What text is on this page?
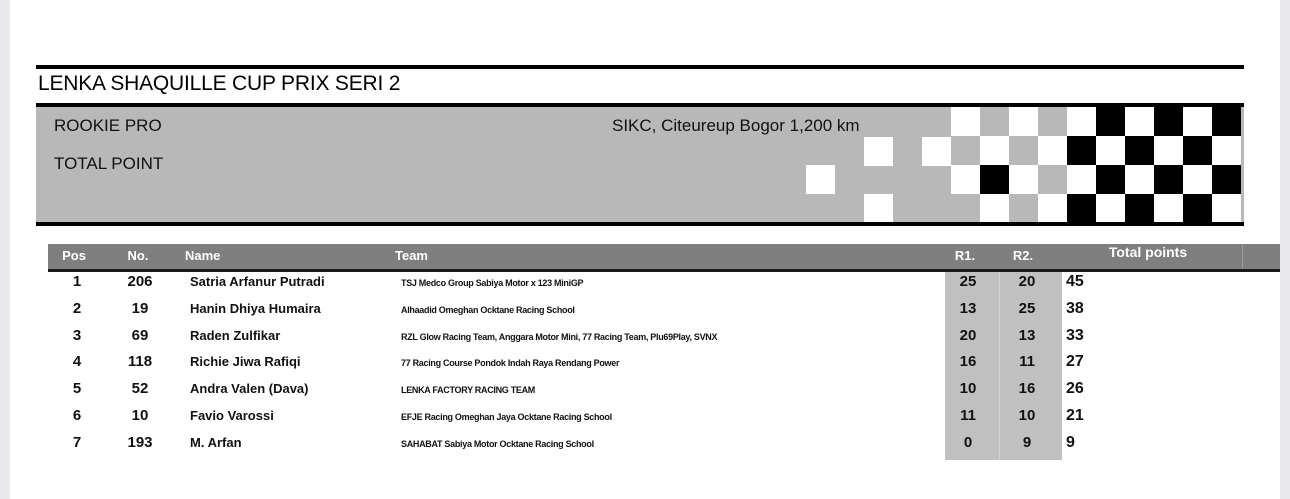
LENKA SHAQUILLE CUP PRIX SERI 2
ROOKIE PRO
TOTAL POINT
SIKC, Citeureup Bogor 1,200 km
Pos	No.	Name	Team	R1.	R2.	Total points
1	206	Satria Arfanur Putradi	TSJ Medco Group Sabiya Motor x 123 MiniGP	25	20	45
2	19	Hanin Dhiya Humaira	Alhaadid Omeghan Ocktane Racing School	13	25	38
3	69	Raden Zulfikar	RZL Glow Racing Team, Anggara Motor Mini, 77 Racing Team, Plu69Play, SVNX	20	13	33
4	118	Richie Jiwa Rafiqi	77 Racing Course Pondok Indah Raya Rendang Power	16	11	27
5	52	Andra Valen (Dava)	LENKA FACTORY RACING TEAM	10	16	26
6	10	Favio Varossi	EFJE Racing Omeghan Jaya Ocktane Racing School	11	10	21
7	193	M. Arfan	SAHABAT Sabiya Motor Ocktane Racing School	0	9	9
